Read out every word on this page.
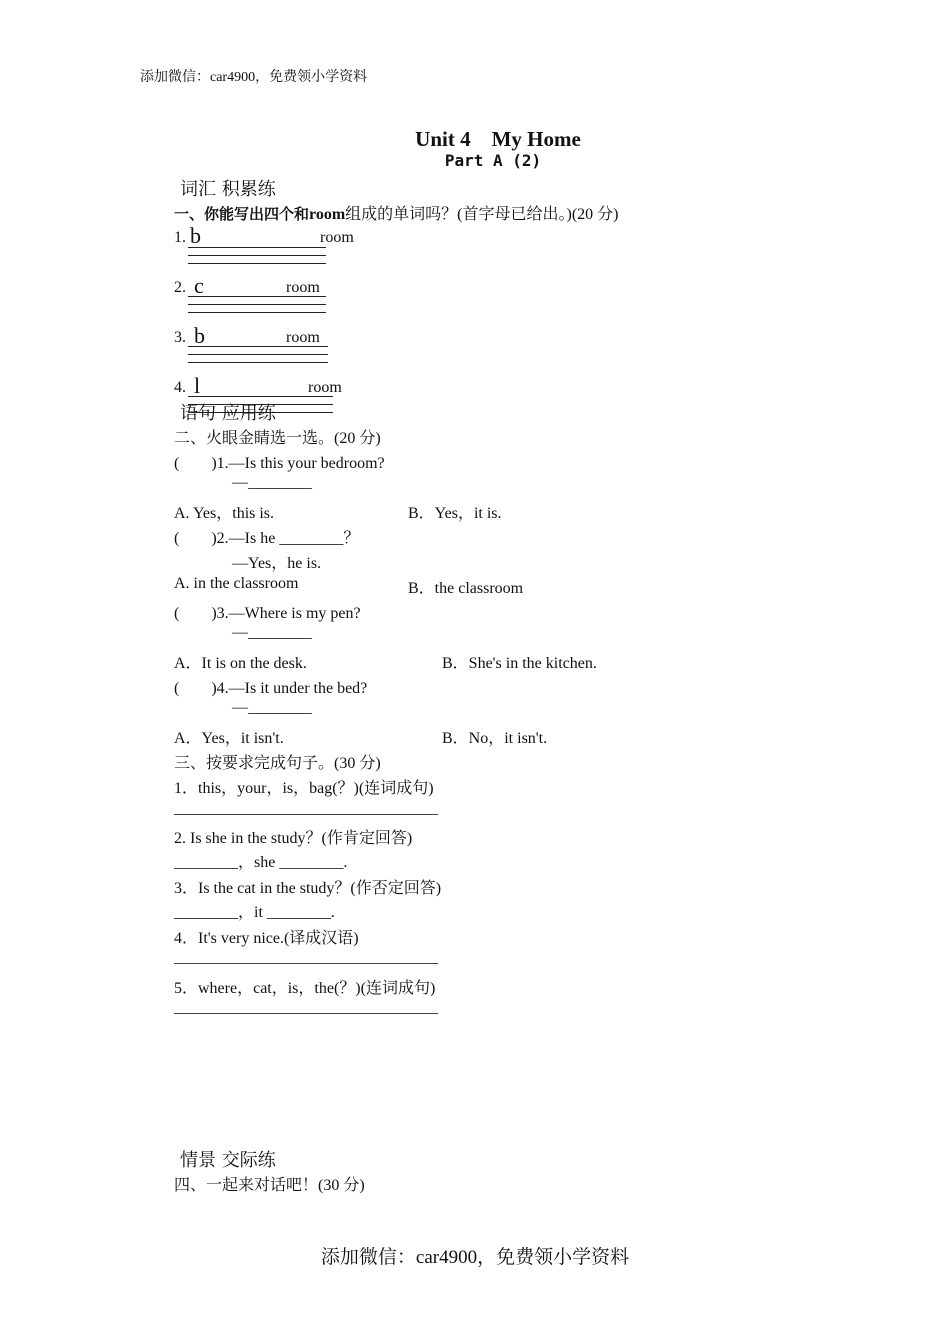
添加微信：car4900，免费领小学资料
Unit 4　My Home
Part A (2)
词汇 积累练
一、你能写出四个和room组成的单词吗？(首字母已给出。)(20 分)
1. b	room
2. c	room
3. b	room
4. l	room
语句 应用练
二、火眼金睛选一选。(20 分)
(　　)1.—Is this your bedroom?
—________
A. Yes，this is.	B．Yes，it is.
(　　)2.—Is he ________？
—Yes，he is.
A. in the classroom	B．the classroom
(　　)3.—Where is my pen?
—________
A．It is on the desk.	B．She's in the kitchen.
(　　)4.—Is it under the bed?
—________
A．Yes，it isn't.	B．No，it isn't.
三、按要求完成句子。(30 分)
1．this，your，is，bag(？)(连词成句)
_________________________________
2. Is she in the study？(作肯定回答)
________，she ________.
3．Is the cat in the study？(作否定回答)
________，it ________.
4．It's very nice.(译成汉语)
_________________________________
5．where，cat，is，the(？)(连词成句)
_________________________________
情景 交际练
四、一起来对话吧！(30 分)
添加微信：car4900，免费领小学资料
